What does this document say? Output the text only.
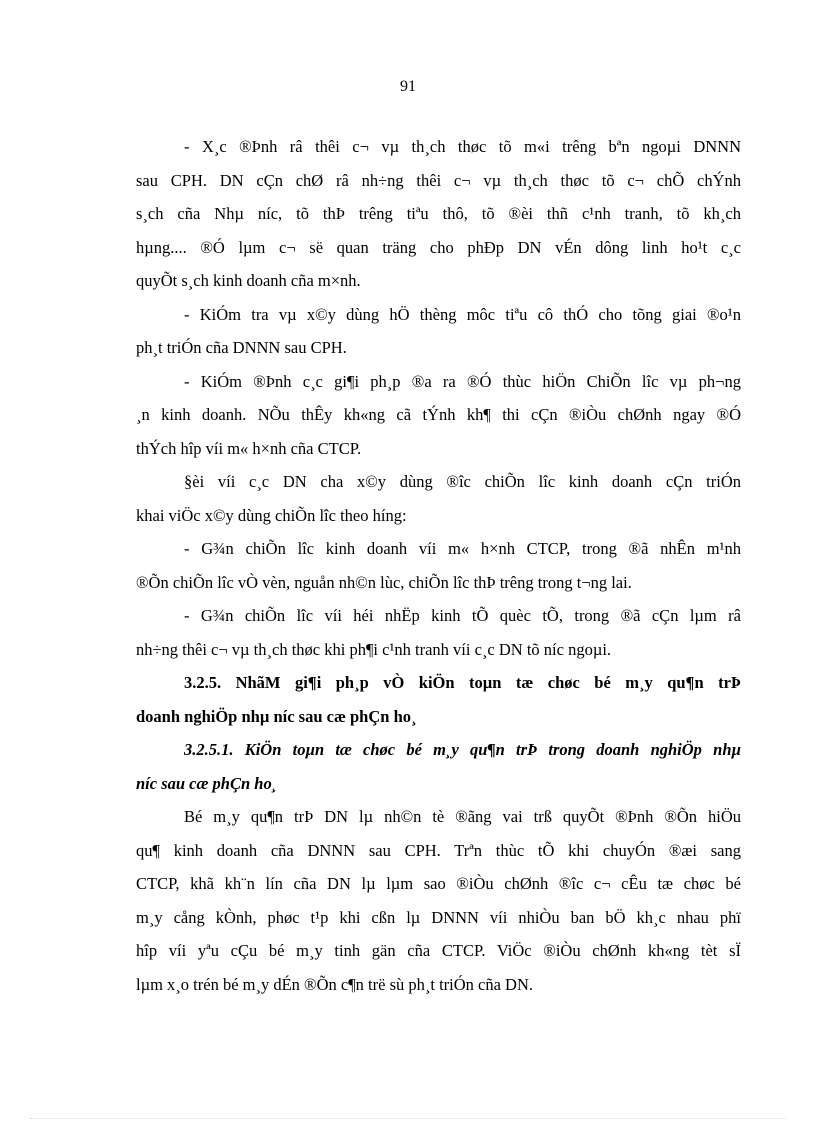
91

- X¸c ®Þnh râ thêi c¬ vµ th¸ch thøc tõ m«i trêng bªn ngoµi DNNN
sau CPH. DN cÇn chØ râ nh÷ng thêi c¬ vµ th¸ch thøc tõ c¬ chÕ chÝnh
s¸ch cña Nhµ níc, tõ thÞ trêng tiªu thô, tõ ®èi thñ c¹nh tranh, tõ kh¸ch
hµng.... ®Ó lµm c¬ së quan träng cho phÐp DN vÉn dông linh ho¹t c¸c
quyÕt s¸ch kinh doanh cña m×nh.

- KiÓm tra vµ x©y dùng hÖ thèng môc tiªu cô thÓ cho tõng giai ®o¹n
ph¸t triÓn cña DNNN sau CPH.

- KiÓm ®Þnh c¸c gi¶i ph¸p ®a ra ®Ó thùc hiÖn ChiÕn lîc vµ ph¬ng
¸n kinh doanh. NÕu thÊy kh«ng cã tÝnh kh¶ thi cÇn ®iÒu chØnh ngay ®Ó
thÝch hîp víi m« h×nh cña CTCP.

§èi víi c¸c DN cha x©y dùng ®îc chiÕn lîc kinh doanh cÇn triÓn
khai viÖc x©y dùng chiÕn lîc theo híng:

- G¾n chiÕn lîc kinh doanh víi m« h×nh CTCP, trong ®ã nhÊn m¹nh
®Õn chiÕn lîc vÒ vèn, nguån nh©n lùc, chiÕn lîc thÞ trêng trong t¬ng lai.

- G¾n chiÕn lîc víi héi nhËp kinh tÕ quèc tÕ, trong ®ã cÇn lµm râ
nh÷ng thêi c¬ vµ th¸ch thøc khi ph¶i c¹nh tranh víi c¸c DN tõ níc ngoµi.

3.2.5. NhãM gi¶i ph¸p vÒ kiÖn toµn tæ chøc bé m¸y qu¶n trÞ
doanh nghiÖp nhµ níc sau cæ phÇn ho¸

3.2.5.1. KiÖn toµn tæ chøc bé m¸y qu¶n trÞ trong doanh nghiÖp nhµ
níc sau cæ phÇn ho¸

Bé m¸y qu¶n trÞ DN lµ nh©n tè ®ãng vai trß quyÕt ®Þnh ®Õn hiÖu
qu¶ kinh doanh cña DNNN sau CPH. Trªn thùc tÕ khi chuyÓn ®æi sang
CTCP, khã kh¨n lín cña DN lµ lµm sao ®iÒu chØnh ®îc c¬ cÊu tæ chøc bé
m¸y cång kÒnh, phøc t¹p khi cßn lµ DNNN víi nhiÒu ban bÖ kh¸c nhau phï
hîp víi yªu cÇu bé m¸y tinh gän cña CTCP. ViÖc ®iÒu chØnh kh«ng tèt sÏ
lµm x¸o trén bé m¸y dÉn ®Õn c¶n trë sù ph¸t triÓn cña DN.
